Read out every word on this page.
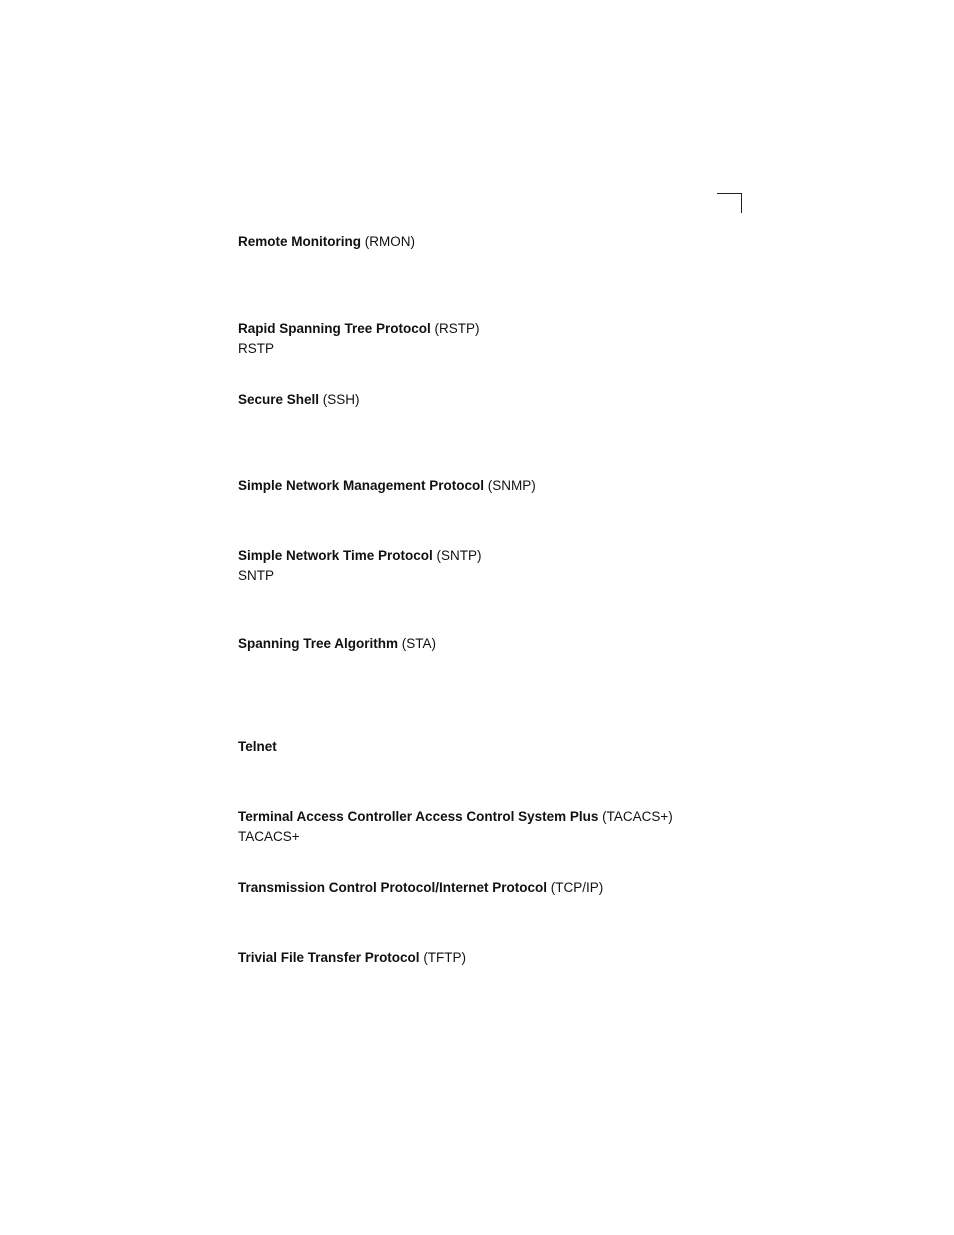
Remote Monitoring (RMON)
Rapid Spanning Tree Protocol (RSTP)
RSTP
Secure Shell (SSH)
Simple Network Management Protocol (SNMP)
Simple Network Time Protocol (SNTP)
SNTP
Spanning Tree Algorithm (STA)
Telnet
Terminal Access Controller Access Control System Plus (TACACS+)
TACACS+
Transmission Control Protocol/Internet Protocol (TCP/IP)
Trivial File Transfer Protocol (TFTP)
